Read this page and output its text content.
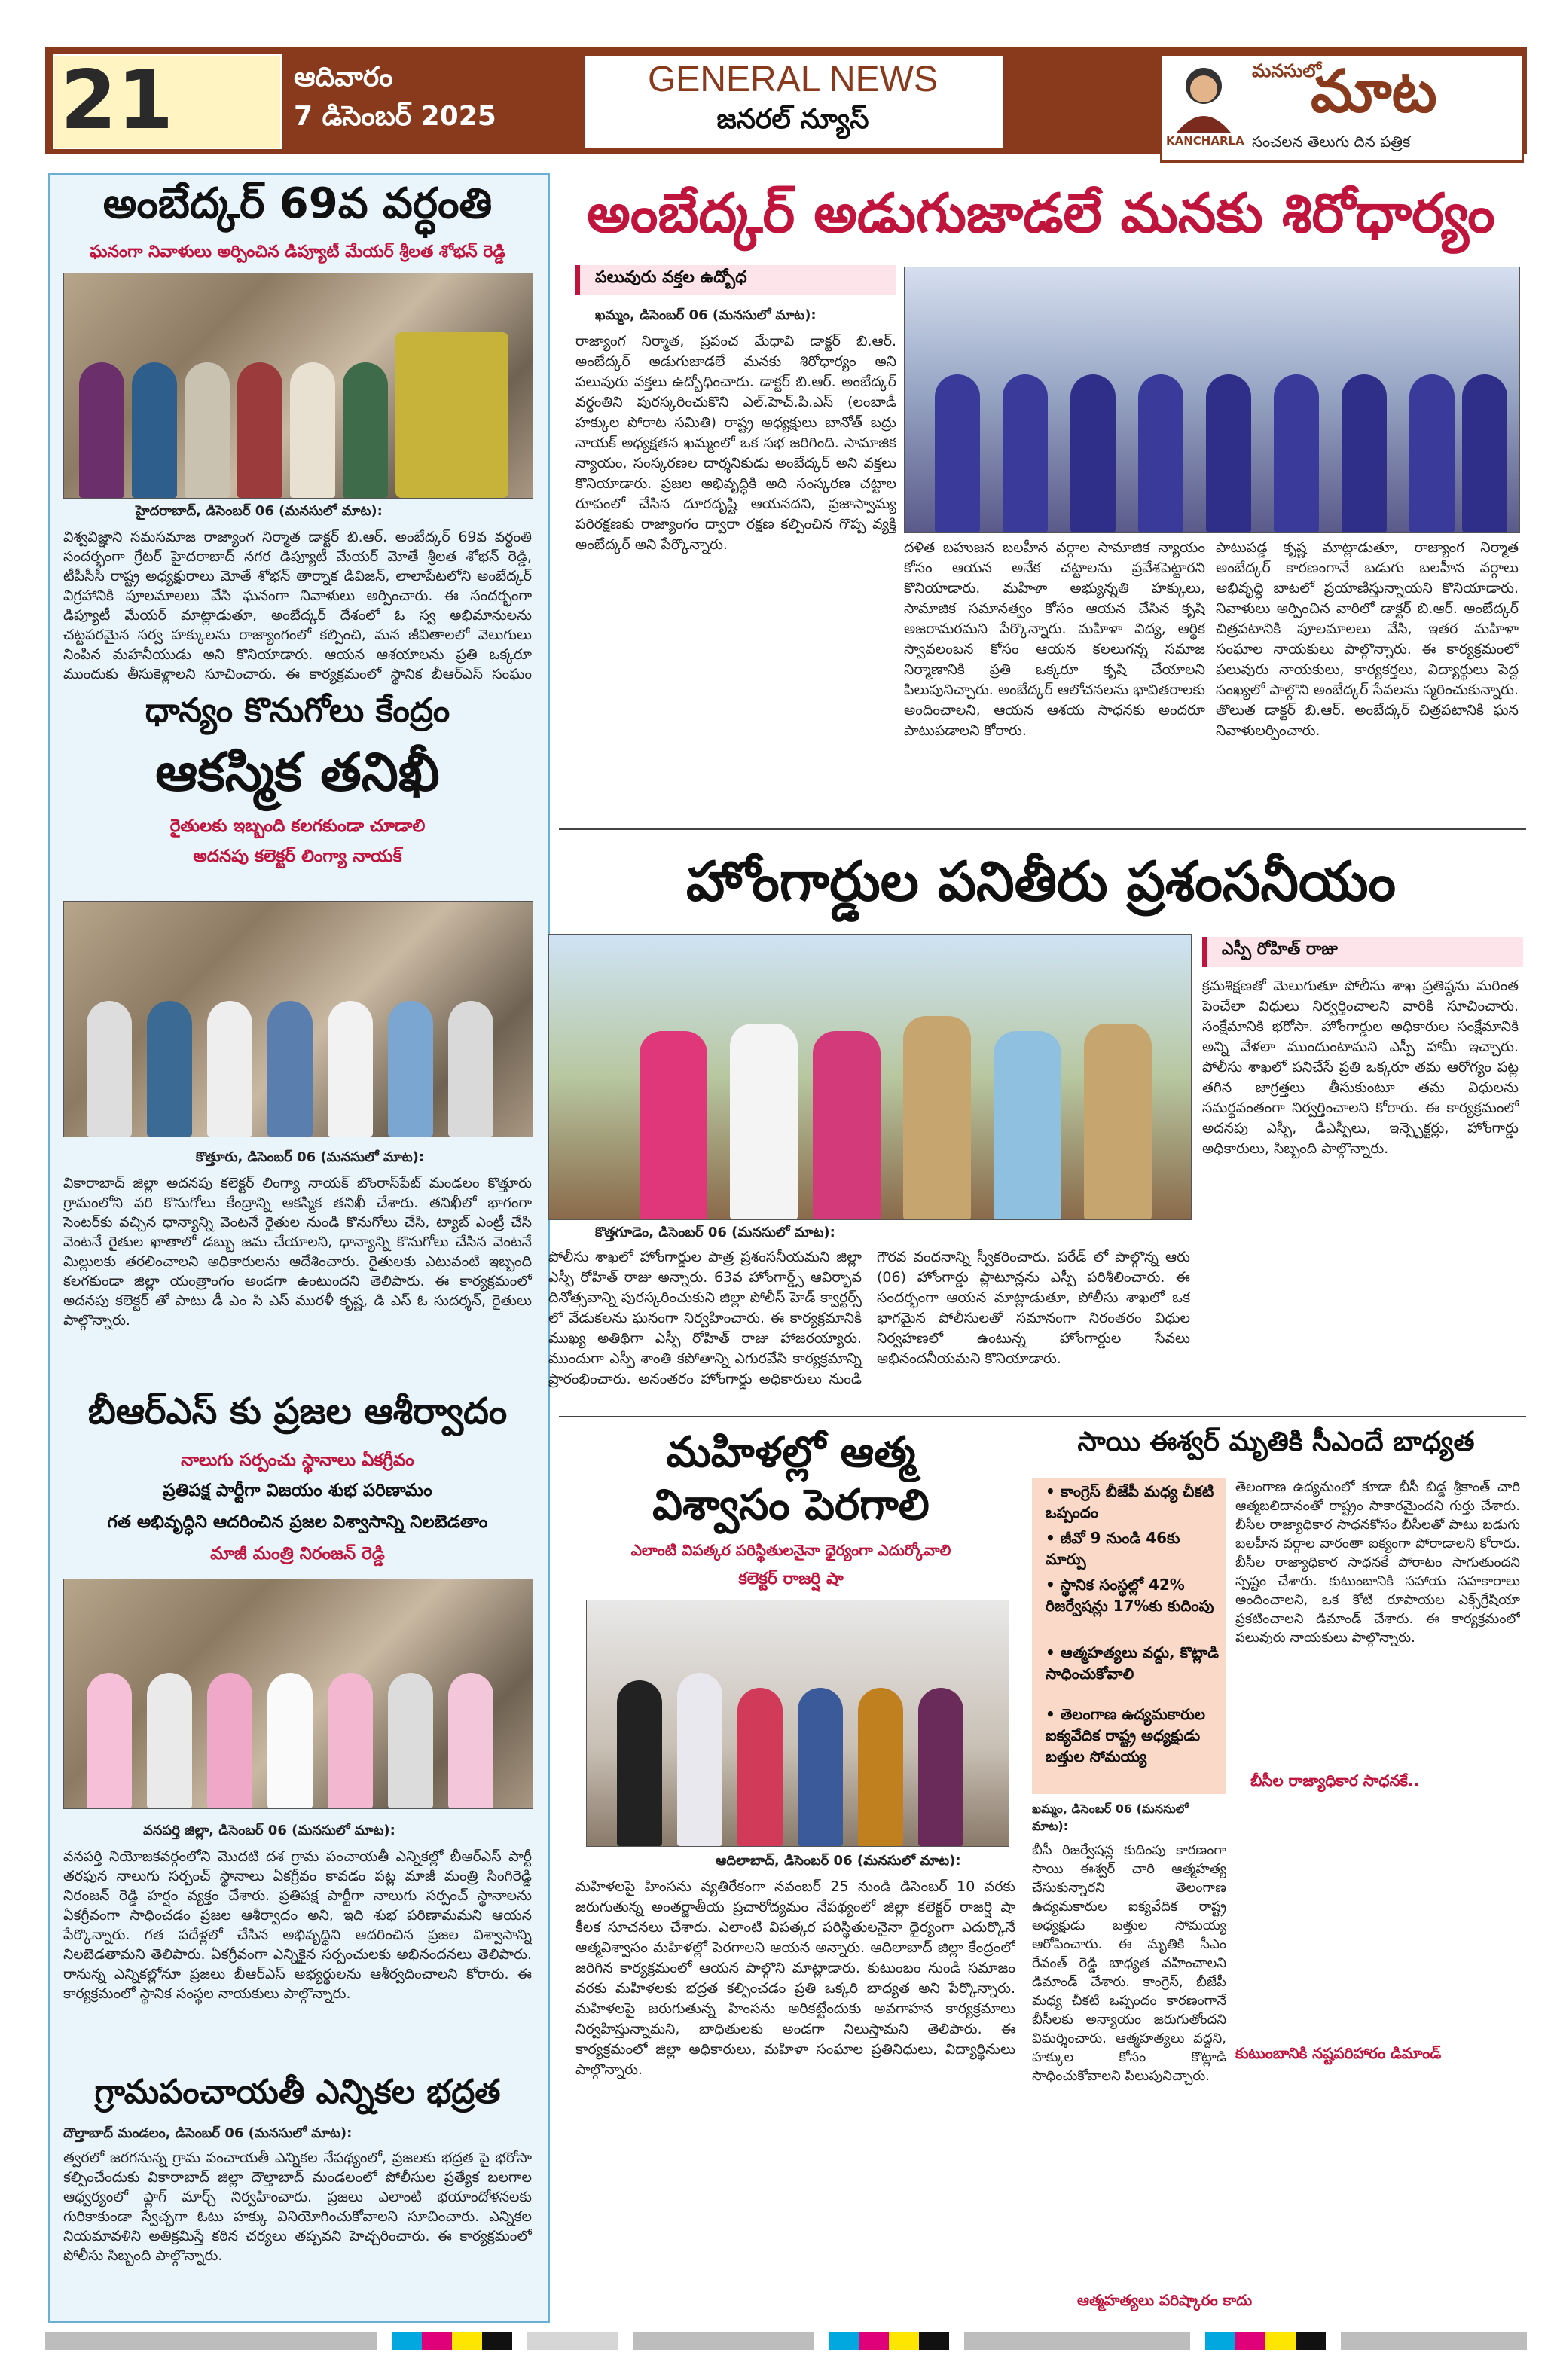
21	ఆదివారం
7 డిసెంబర్ 2025
GENERAL NEWS
జనరల్ న్యూస్
KANCHARLA
మనసులో
మాట
సంచలన తెలుగు దిన పత్రిక
అంబేద్కర్ 69వ వర్ధంతి
ఘనంగా నివాళులు అర్పించిన డిప్యూటీ మేయర్ శ్రీలత శోభన్ రెడ్డి
హైదరాబాద్, డిసెంబర్ 06 (మనసులో మాట):
విశ్వవిజ్ఞాని సమసమాజ రాజ్యాంగ నిర్మాత డాక్టర్ బి.ఆర్. అంబేద్కర్ 69వ వర్ధంతి సందర్భంగా గ్రేటర్ హైదరాబాద్ నగర డిప్యూటీ మేయర్ మోతే శ్రీలత శోభన్ రెడ్డి, టీపీసీసీ రాష్ట్ర అధ్యక్షురాలు మోతే శోభన్ తార్నాక డివిజన్, లాలాపేటలోని అంబేద్కర్ విగ్రహానికి పూలమాలలు వేసి ఘనంగా నివాళులు అర్పించారు. ఈ సందర్భంగా డిప్యూటీ మేయర్ మాట్లాడుతూ, అంబేద్కర్ దేశంలో ఓ స్వ అభిమానులను చట్టపరమైన సర్వ హక్కులను రాజ్యాంగంలో కల్పించి, మన జీవితాలలో వెలుగులు నింపిన మహనీయుడు అని కొనియాడారు. ఆయన ఆశయాలను ప్రతి ఒక్కరూ ముందుకు తీసుకెళ్లాలని సూచించారు. ఈ కార్యక్రమంలో స్థానిక బీఆర్ఎస్ సంఘం
ధాన్యం కొనుగోలు కేంద్రం
ఆకస్మిక తనిఖీ
రైతులకు ఇబ్బంది కలగకుండా చూడాలి
అదనపు కలెక్టర్ లింగ్యా నాయక్
కొత్తూరు, డిసెంబర్ 06 (మనసులో మాట):
వికారాబాద్ జిల్లా అదనపు కలెక్టర్ లింగ్యా నాయక్ బొంరాస్‌పేట్ మండలం కొత్తూరు గ్రామంలోని వరి కొనుగోలు కేంద్రాన్ని ఆకస్మిక తనిఖీ చేశారు. తనిఖీలో భాగంగా సెంటర్‌కు వచ్చిన ధాన్యాన్ని వెంటనే రైతుల నుండి కొనుగోలు చేసి, ట్యాబ్ ఎంట్రీ చేసి వెంటనే రైతుల ఖాతాలో డబ్బు జమ చేయాలని, ధాన్యాన్ని కొనుగోలు చేసిన వెంటనే మిల్లులకు తరలించాలని అధికారులను ఆదేశించారు. రైతులకు ఎటువంటి ఇబ్బంది కలగకుండా జిల్లా యంత్రాంగం అండగా ఉంటుందని తెలిపారు. ఈ కార్యక్రమంలో అదనపు కలెక్టర్ తో పాటు డీ ఎం సి ఎస్ మురళీ కృష్ణ, డి ఎస్ ఓ సుదర్శన్, రైతులు పాల్గొన్నారు.
బీఆర్ఎస్ కు ప్రజల ఆశీర్వాదం
నాలుగు సర్పంచు స్థానాలు ఏకగ్రీవం
ప్రతిపక్ష పార్టీగా విజయం శుభ పరిణామం
గత అభివృద్ధిని ఆదరించిన ప్రజల విశ్వాసాన్ని నిలబెడతాం
మాజీ మంత్రి నిరంజన్ రెడ్డి
వనపర్తి జిల్లా, డిసెంబర్ 06 (మనసులో మాట):
వనపర్తి నియోజకవర్గంలోని మొదటి దశ గ్రామ పంచాయతీ ఎన్నికల్లో బీఆర్ఎస్ పార్టీ తరఫున నాలుగు సర్పంచ్ స్థానాలు ఏకగ్రీవం కావడం పట్ల మాజీ మంత్రి సింగిరెడ్డి నిరంజన్ రెడ్డి హర్షం వ్యక్తం చేశారు. ప్రతిపక్ష పార్టీగా నాలుగు సర్పంచ్ స్థానాలను ఏకగ్రీవంగా సాధించడం ప్రజల ఆశీర్వాదం అని, ఇది శుభ పరిణామమని ఆయన పేర్కొన్నారు. గత పదేళ్లలో చేసిన అభివృద్ధిని ఆదరించిన ప్రజల విశ్వాసాన్ని నిలబెడతామని తెలిపారు. ఏకగ్రీవంగా ఎన్నికైన సర్పంచులకు అభినందనలు తెలిపారు. రానున్న ఎన్నికల్లోనూ ప్రజలు బీఆర్ఎస్ అభ్యర్థులను ఆశీర్వదించాలని కోరారు. ఈ కార్యక్రమంలో స్థానిక సంస్థల నాయకులు పాల్గొన్నారు.
గ్రామపంచాయతీ ఎన్నికల భద్రత
దౌల్తాబాద్ మండలం, డిసెంబర్ 06 (మనసులో మాట):
త్వరలో జరగనున్న గ్రామ పంచాయతీ ఎన్నికల నేపథ్యంలో, ప్రజలకు భద్రత పై భరోసా కల్పించేందుకు వికారాబాద్ జిల్లా దౌల్తాబాద్ మండలంలో పోలీసుల ప్రత్యేక బలగాల ఆధ్వర్యంలో ఫ్లాగ్ మార్చ్ నిర్వహించారు. ప్రజలు ఎలాంటి భయాందోళనలకు గురికాకుండా స్వేచ్ఛగా ఓటు హక్కు వినియోగించుకోవాలని సూచించారు. ఎన్నికల నియమావళిని అతిక్రమిస్తే కఠిన చర్యలు తప్పవని హెచ్చరించారు. ఈ కార్యక్రమంలో పోలీసు సిబ్బంది పాల్గొన్నారు.
అంబేద్కర్ అడుగుజాడలే మనకు శిరోధార్యం
పలువురు వక్తల ఉద్బోధ
ఖమ్మం, డిసెంబర్ 06 (మనసులో మాట):
రాజ్యాంగ నిర్మాత, ప్రపంచ మేధావి డాక్టర్ బి.ఆర్. అంబేద్కర్ అడుగుజాడలే మనకు శిరోధార్యం అని పలువురు వక్తలు ఉద్బోధించారు. డాక్టర్ బి.ఆర్. అంబేద్కర్ వర్ధంతిని పురస్కరించుకొని ఎల్.హెచ్.పి.ఎస్ (లంబాడీ హక్కుల పోరాట సమితి) రాష్ట్ర అధ్యక్షులు బానోత్ బద్రు నాయక్ అధ్యక్షతన ఖమ్మంలో ఒక సభ జరిగింది. సామాజిక న్యాయం, సంస్కరణల దార్శనికుడు అంబేద్కర్ అని వక్తలు కొనియాడారు. ప్రజల అభివృద్ధికి అది సంస్కరణ చట్టాల రూపంలో చేసిన దూరదృష్టి ఆయనదని, ప్రజాస్వామ్య పరిరక్షణకు రాజ్యాంగం ద్వారా రక్షణ కల్పించిన గొప్ప వ్యక్తి అంబేద్కర్ అని పేర్కొన్నారు.	దళిత బహుజన బలహీన వర్గాల సామాజిక న్యాయం కోసం ఆయన అనేక చట్టాలను ప్రవేశపెట్టారని కొనియాడారు. మహిళా అభ్యున్నతి హక్కులు, సామాజిక సమానత్వం కోసం ఆయన చేసిన కృషి అజరామరమని పేర్కొన్నారు. మహిళా విద్య, ఆర్థిక స్వావలంబన కోసం ఆయన కలలుగన్న సమాజ నిర్మాణానికి ప్రతి ఒక్కరూ కృషి చేయాలని పిలుపునిచ్చారు. అంబేద్కర్ ఆలోచనలను భావితరాలకు అందించాలని, ఆయన ఆశయ సాధనకు అందరూ పాటుపడాలని కోరారు.
పాటుపడ్డ కృష్ణ మాట్లాడుతూ, రాజ్యాంగ నిర్మాత అంబేద్కర్ కారణంగానే బడుగు బలహీన వర్గాలు అభివృద్ధి బాటలో ప్రయాణిస్తున్నాయని కొనియాడారు. నివాళులు అర్పించిన వారిలో డాక్టర్ బి.ఆర్. అంబేద్కర్ చిత్రపటానికి పూలమాలలు వేసి, ఇతర మహిళా సంఘాల నాయకులు పాల్గొన్నారు. ఈ కార్యక్రమంలో పలువురు నాయకులు, కార్యకర్తలు, విద్యార్థులు పెద్ద సంఖ్యలో పాల్గొని అంబేద్కర్ సేవలను స్మరించుకున్నారు. తొలుత డాక్టర్ బి.ఆర్. అంబేద్కర్ చిత్రపటానికి ఘన నివాళులర్పించారు.
హోంగార్డుల పనితీరు ప్రశంసనీయం
ఎస్పీ రోహిత్ రాజు
క్రమశిక్షణతో మెలుగుతూ పోలీసు శాఖ ప్రతిష్ఠను మరింత పెంచేలా విధులు నిర్వర్తించాలని వారికి సూచించారు. సంక్షేమానికి భరోసా. హోంగార్డుల అధికారుల సంక్షేమానికి అన్ని వేళలా ముందుంటామని ఎస్పీ హామీ ఇచ్చారు. పోలీసు శాఖలో పనిచేసే ప్రతి ఒక్కరూ తమ ఆరోగ్యం పట్ల తగిన జాగ్రత్తలు తీసుకుంటూ తమ విధులను సమర్థవంతంగా నిర్వర్తించాలని కోరారు. ఈ కార్యక్రమంలో అదనపు ఎస్పీ, డీఎస్పీలు, ఇన్స్పెక్టర్లు, హోంగార్డు అధికారులు, సిబ్బంది పాల్గొన్నారు.
కొత్తగూడెం, డిసెంబర్ 06 (మనసులో మాట):
పోలీసు శాఖలో హోంగార్డుల పాత్ర ప్రశంసనీయమని జిల్లా ఎస్పీ రోహిత్ రాజు అన్నారు. 63వ హోంగార్డ్స్ ఆవిర్భావ దినోత్సవాన్ని పురస్కరించుకుని జిల్లా పోలీస్ హెడ్ క్వార్టర్స్ లో వేడుకలను ఘనంగా నిర్వహించారు. ఈ కార్యక్రమానికి ముఖ్య అతిథిగా ఎస్పీ రోహిత్ రాజు హాజరయ్యారు. ముందుగా ఎస్పీ శాంతి కపోతాన్ని ఎగురవేసి కార్యక్రమాన్ని ప్రారంభించారు. అనంతరం హోంగార్డు అధికారులు నుండి గౌరవ వందనాన్ని స్వీకరించారు. పరేడ్ లో పాల్గొన్న ఆరు (06) హోంగార్డు ప్లాటూన్లను ఎస్పీ పరిశీలించారు. ఈ సందర్భంగా ఆయన మాట్లాడుతూ, పోలీసు శాఖలో ఒక భాగమైన పోలీసులతో సమానంగా నిరంతరం విధుల నిర్వహణలో ఉంటున్న హోంగార్డుల సేవలు అభినందనీయమని కొనియాడారు.
మహిళల్లో ఆత్మ
విశ్వాసం పెరగాలి
ఎలాంటి విపత్కర పరిస్థితులనైనా ధైర్యంగా ఎదుర్కోవాలి
కలెక్టర్ రాజర్షి షా
ఆదిలాబాద్, డిసెంబర్ 06 (మనసులో మాట):
మహిళలపై హింసను వ్యతిరేకంగా నవంబర్ 25 నుండి డిసెంబర్ 10 వరకు జరుగుతున్న అంతర్జాతీయ ప్రచారోద్యమం నేపథ్యంలో జిల్లా కలెక్టర్ రాజర్షి షా కీలక సూచనలు చేశారు. ఎలాంటి విపత్కర పరిస్థితులనైనా ధైర్యంగా ఎదుర్కొనే ఆత్మవిశ్వాసం మహిళల్లో పెరగాలని ఆయన అన్నారు. ఆదిలాబాద్ జిల్లా కేంద్రంలో జరిగిన కార్యక్రమంలో ఆయన పాల్గొని మాట్లాడారు. కుటుంబం నుండి సమాజం వరకు మహిళలకు భద్రత కల్పించడం ప్రతి ఒక్కరి బాధ్యత అని పేర్కొన్నారు. మహిళలపై జరుగుతున్న హింసను అరికట్టేందుకు అవగాహన కార్యక్రమాలు నిర్వహిస్తున్నామని, బాధితులకు అండగా నిలుస్తామని తెలిపారు. ఈ కార్యక్రమంలో జిల్లా అధికారులు, మహిళా సంఘాల ప్రతినిధులు, విద్యార్థినులు పాల్గొన్నారు.
సాయి ఈశ్వర్ మృతికి సీఎందే బాధ్యత
• కాంగ్రెస్ బీజేపీ మధ్య చీకటి ఒప్పందం
• జీవో 9 నుండి 46కు మార్పు
• స్థానిక సంస్థల్లో 42% రిజర్వేషన్లు 17%కు కుదింపు
• ఆత్మహత్యలు వద్దు, కొట్లాడి సాధించుకోవాలి
• తెలంగాణ ఉద్యమకారుల ఐక్యవేదిక రాష్ట్ర అధ్యక్షుడు బత్తుల సోమయ్య
ఖమ్మం, డిసెంబర్ 06 (మనసులో మాట):
బీసీ రిజర్వేషన్ల కుదింపు కారణంగా సాయి ఈశ్వర్ చారి ఆత్మహత్య చేసుకున్నారని తెలంగాణ ఉద్యమకారుల ఐక్యవేదిక రాష్ట్ర అధ్యక్షుడు బత్తుల సోమయ్య ఆరోపించారు. ఈ మృతికి సీఎం రేవంత్ రెడ్డి బాధ్యత వహించాలని డిమాండ్ చేశారు. కాంగ్రెస్, బీజేపీ మధ్య చీకటి ఒప్పందం కారణంగానే బీసీలకు అన్యాయం జరుగుతోందని విమర్శించారు. ఆత్మహత్యలు వద్దని, హక్కుల కోసం కొట్లాడి సాధించుకోవాలని పిలుపునిచ్చారు.
తెలంగాణ ఉద్యమంలో కూడా బీసీ బిడ్డ శ్రీకాంత్ చారి ఆత్మబలిదానంతో రాష్ట్రం సాకారమైందని గుర్తు చేశారు. బీసీల రాజ్యాధికార సాధనకోసం బీసీలతో పాటు బడుగు బలహీన వర్గాల వారంతా ఐక్యంగా పోరాడాలని కోరారు. బీసీల రాజ్యాధికార సాధనకే పోరాటం సాగుతుందని స్పష్టం చేశారు. కుటుంబానికి సహాయ సహకారాలు అందించాలని, ఒక కోటి రూపాయల ఎక్స్‌గ్రేషియా ప్రకటించాలని డిమాండ్ చేశారు. ఈ కార్యక్రమంలో పలువురు నాయకులు పాల్గొన్నారు.
బీసీల రాజ్యాధికార సాధనకే..
కుటుంబానికి నష్టపరిహారం డిమాండ్
ఆత్మహత్యలు పరిష్కారం కాదు
